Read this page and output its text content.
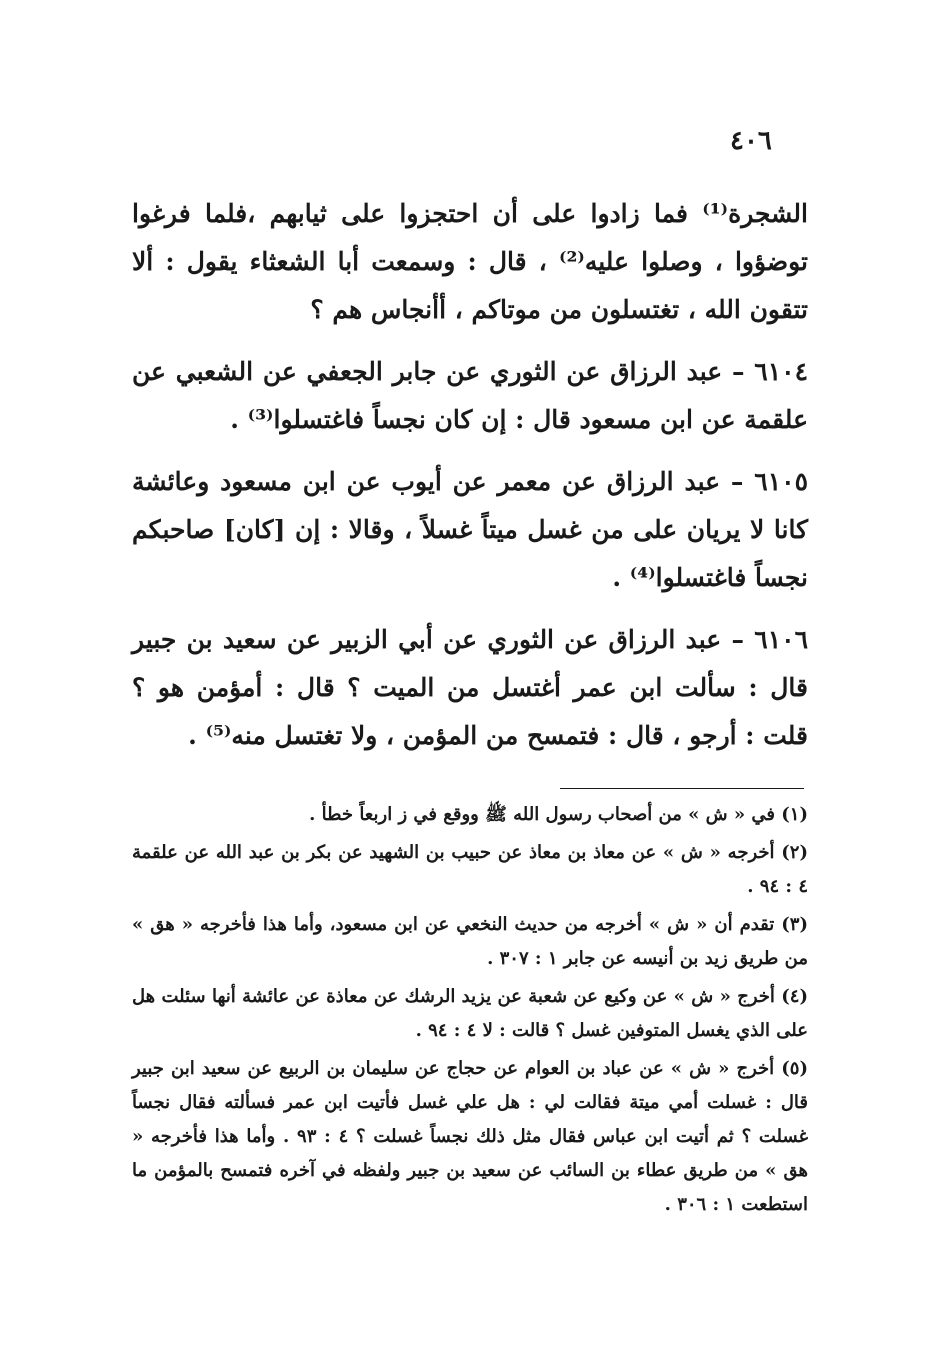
٤٠٦

الشجرة⁽¹⁾ فما زادوا على أن احتجزوا على ثيابهم ،فلما فرغوا توضؤوا ، وصلوا عليه⁽²⁾ ، قال : وسمعت أبا الشعثاء يقول : ألا تتقون الله ، تغتسلون من موتاكم ، أأنجاس هم ؟

٦١٠٤ – عبد الرزاق عن الثوري عن جابر الجعفي عن الشعبي عن علقمة عن ابن مسعود قال : إن كان نجساً فاغتسلوا⁽³⁾ .

٦١٠٥ – عبد الرزاق عن معمر عن أيوب عن ابن مسعود وعائشة كانا لا يريان على من غسل ميتاً غسلاً ، وقالا : إن [كان] صاحبكم نجساً فاغتسلوا⁽⁴⁾ .

٦١٠٦ – عبد الرزاق عن الثوري عن أبي الزبير عن سعيد بن جبير قال : سألت ابن عمر أغتسل من الميت ؟ قال : أمؤمن هو ؟ قلت : أرجو ، قال : فتمسح من المؤمن ، ولا تغتسل منه⁽⁵⁾ .

(١) في « ش » من أصحاب رسول الله ﷺ ووقع في ز اربعاً خطأ .

(٢) أخرجه « ش » عن معاذ بن معاذ عن حبيب بن الشهيد عن بكر بن عبد الله عن علقمة ٤ : ٩٤ .

(٣) تقدم أن « ش » أخرجه من حديث النخعي عن ابن مسعود، وأما هذا فأخرجه « هق » من طريق زيد بن أنيسه عن جابر ١ : ٣٠٧ .

(٤) أخرج « ش » عن وكيع عن شعبة عن يزيد الرشك عن معاذة عن عائشة أنها سئلت هل على الذي يغسل المتوفين غسل ؟ قالت : لا ٤ : ٩٤ .

(٥) أخرج « ش » عن عباد بن العوام عن حجاج عن سليمان بن الربيع عن سعيد ابن جبير قال : غسلت أمي ميتة فقالت لي : هل علي غسل فأتيت ابن عمر فسألته فقال نجساً غسلت ؟ ثم أتيت ابن عباس فقال مثل ذلك نجساً غسلت ؟ ٤ : ٩٣ . وأما هذا فأخرجه « هق » من طريق عطاء بن السائب عن سعيد بن جبير ولفظه في آخره فتمسح بالمؤمن ما استطعت ١ : ٣٠٦ .
